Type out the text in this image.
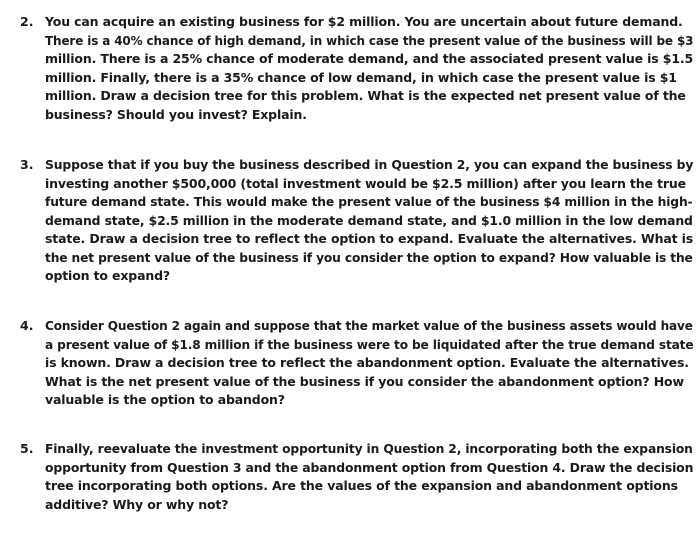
2. You can acquire an existing business for $2 million. You are uncertain about future demand.
There is a 40% chance of high demand, in which case the present value of the business will be $3
million. There is a 25% chance of moderate demand, and the associated present value is $1.5
million. Finally, there is a 35% chance of low demand, in which case the present value is $1
million. Draw a decision tree for this problem. What is the expected net present value of the
business? Should you invest? Explain.
3. Suppose that if you buy the business described in Question 2, you can expand the business by
investing another $500,000 (total investment would be $2.5 million) after you learn the true
future demand state. This would make the present value of the business $4 million in the high-
demand state, $2.5 million in the moderate demand state, and $1.0 million in the low demand
state. Draw a decision tree to reflect the option to expand. Evaluate the alternatives. What is
the net present value of the business if you consider the option to expand? How valuable is the
option to expand?
4. Consider Question 2 again and suppose that the market value of the business assets would have
a present value of $1.8 million if the business were to be liquidated after the true demand state
is known. Draw a decision tree to reflect the abandonment option. Evaluate the alternatives.
What is the net present value of the business if you consider the abandonment option? How
valuable is the option to abandon?
5. Finally, reevaluate the investment opportunity in Question 2, incorporating both the expansion
opportunity from Question 3 and the abandonment option from Question 4. Draw the decision
tree incorporating both options. Are the values of the expansion and abandonment options
additive? Why or why not?
